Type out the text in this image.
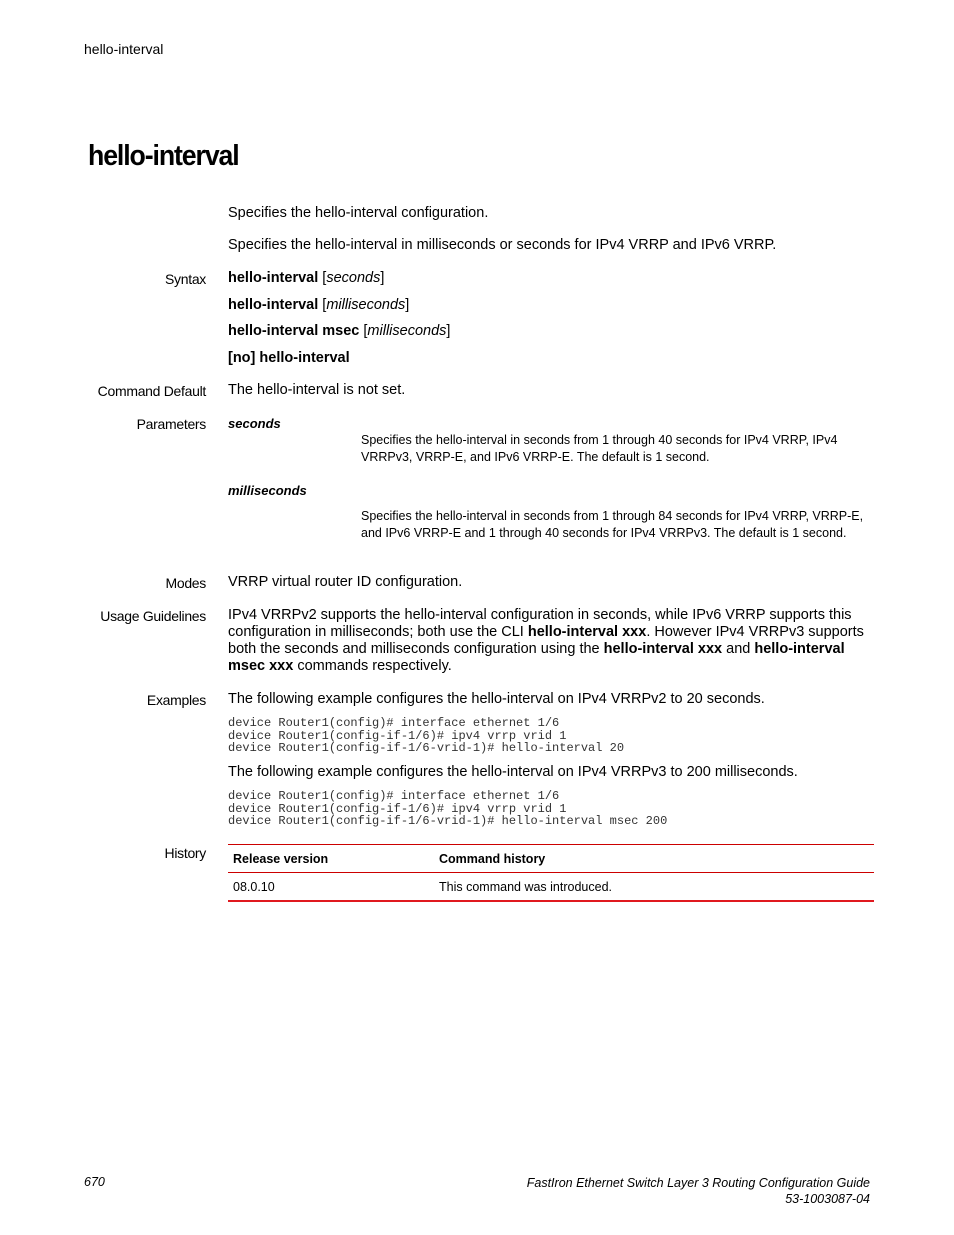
hello-interval
hello-interval
Specifies the hello-interval configuration.
Specifies the hello-interval in milliseconds or seconds for IPv4 VRRP and IPv6 VRRP.
Syntax hello-interval [seconds]
hello-interval [milliseconds]
hello-interval msec [milliseconds]
[no] hello-interval
Command Default The hello-interval is not set.
Parameters seconds
Specifies the hello-interval in seconds from 1 through 40 seconds for IPv4 VRRP, IPv4 VRRPv3, VRRP-E, and IPv6 VRRP-E. The default is 1 second.
milliseconds
Specifies the hello-interval in seconds from 1 through 84 seconds for IPv4 VRRP, VRRP-E, and IPv6 VRRP-E and 1 through 40 seconds for IPv4 VRRPv3. The default is 1 second.
Modes VRRP virtual router ID configuration.
Usage Guidelines IPv4 VRRPv2 supports the hello-interval configuration in seconds, while IPv6 VRRP supports this configuration in milliseconds; both use the CLI hello-interval xxx. However IPv4 VRRPv3 supports both the seconds and milliseconds configuration using the hello-interval xxx and hello-interval msec xxx commands respectively.
Examples The following example configures the hello-interval on IPv4 VRRPv2 to 20 seconds.
device Router1(config)# interface ethernet 1/6
device Router1(config-if-1/6)# ipv4 vrrp vrid 1
device Router1(config-if-1/6-vrid-1)# hello-interval 20
The following example configures the hello-interval on IPv4 VRRPv3 to 200 milliseconds.
device Router1(config)# interface ethernet 1/6
device Router1(config-if-1/6)# ipv4 vrrp vrid 1
device Router1(config-if-1/6-vrid-1)# hello-interval msec 200
History Release version	Command history
08.0.10	This command was introduced.
670	FastIron Ethernet Switch Layer 3 Routing Configuration Guide
53-1003087-04
